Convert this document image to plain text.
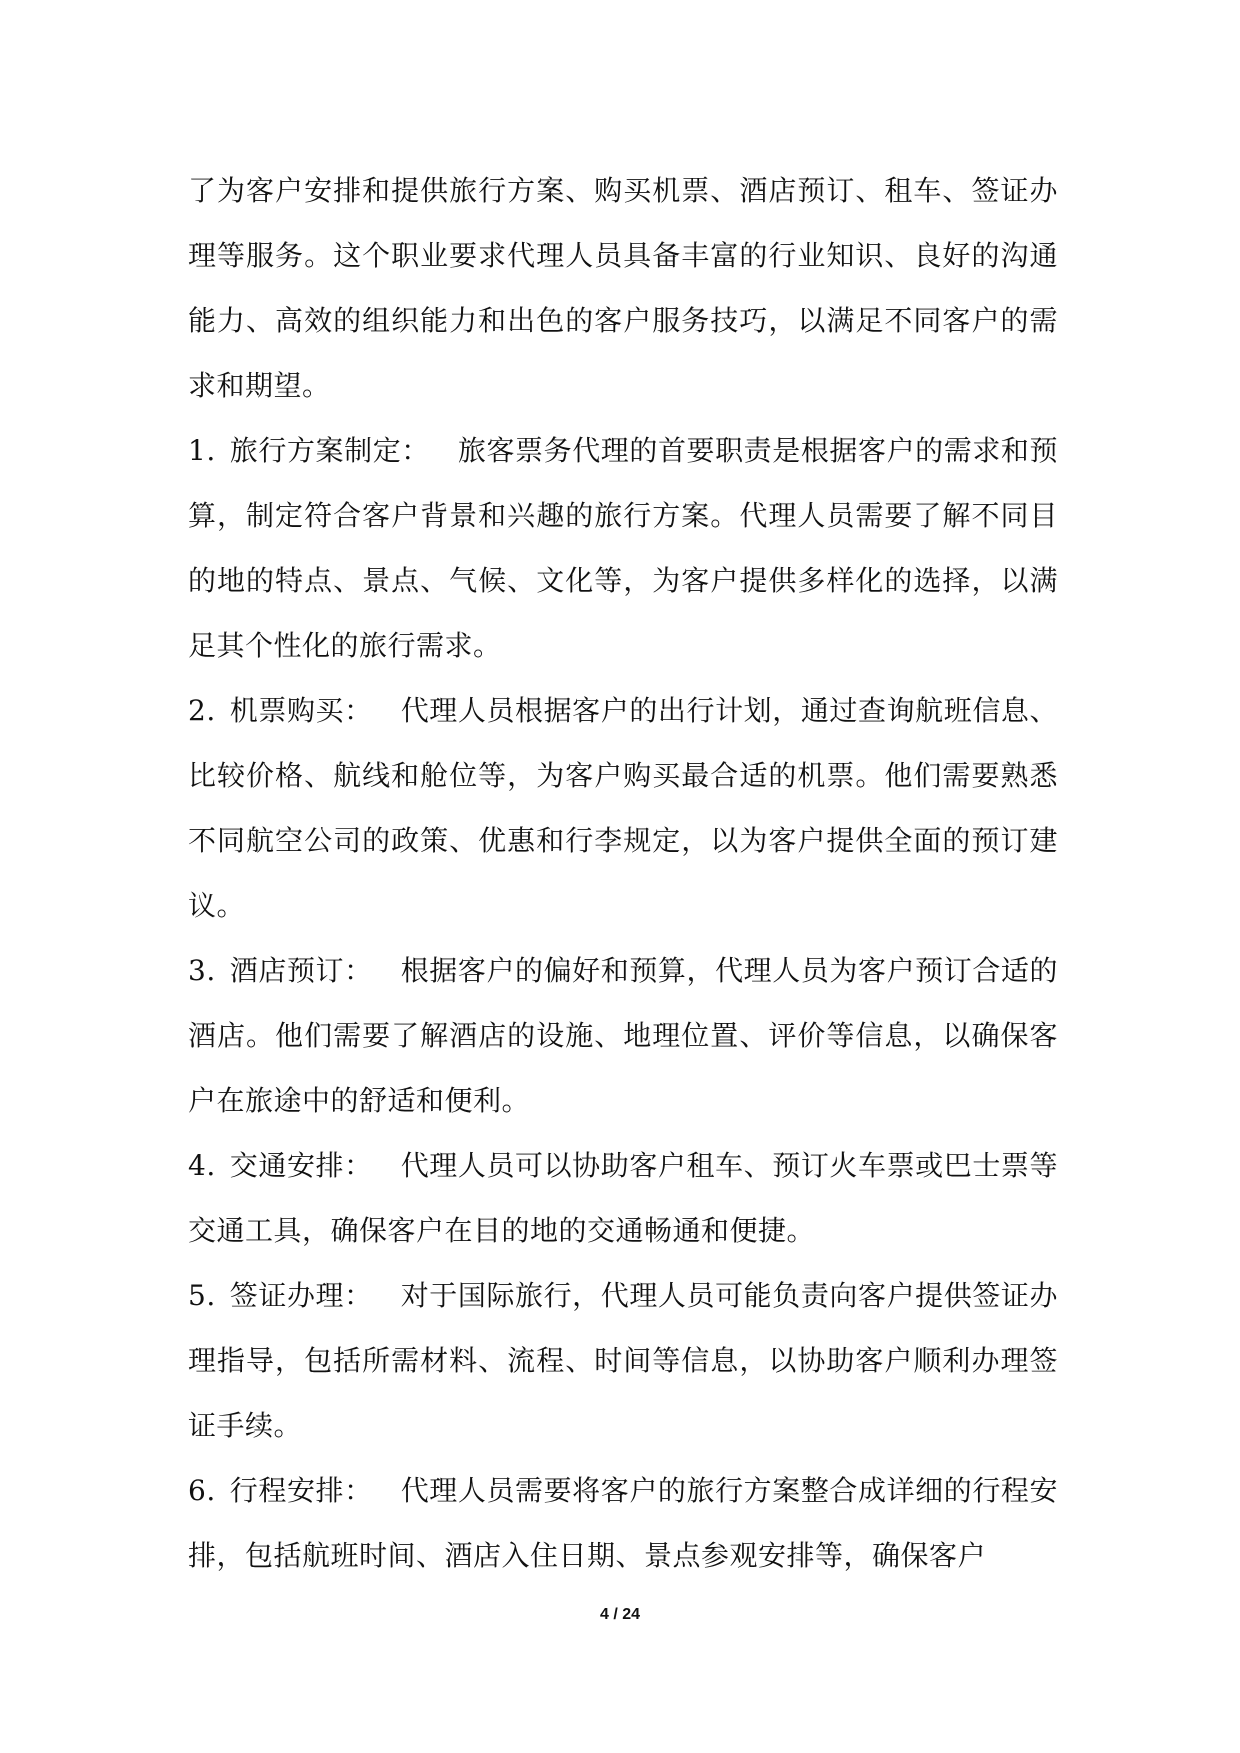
了为客户安排和提供旅行方案、购买机票、酒店预订、租车、签证办理等服务。这个职业要求代理人员具备丰富的行业知识、良好的沟通能力、高效的组织能力和出色的客户服务技巧，以满足不同客户的需求和期望。

1. 旅行方案制定： 旅客票务代理的首要职责是根据客户的需求和预算，制定符合客户背景和兴趣的旅行方案。代理人员需要了解不同目的地的特点、景点、气候、文化等，为客户提供多样化的选择，以满足其个性化的旅行需求。

2. 机票购买： 代理人员根据客户的出行计划，通过查询航班信息、比较价格、航线和舱位等，为客户购买最合适的机票。他们需要熟悉不同航空公司的政策、优惠和行李规定，以为客户提供全面的预订建议。

3. 酒店预订： 根据客户的偏好和预算，代理人员为客户预订合适的酒店。他们需要了解酒店的设施、地理位置、评价等信息，以确保客户在旅途中的舒适和便利。

4. 交通安排： 代理人员可以协助客户租车、预订火车票或巴士票等交通工具，确保客户在目的地的交通畅通和便捷。

5. 签证办理： 对于国际旅行，代理人员可能负责向客户提供签证办理指导，包括所需材料、流程、时间等信息，以协助客户顺利办理签证手续。

6. 行程安排： 代理人员需要将客户的旅行方案整合成详细的行程安排，包括航班时间、酒店入住日期、景点参观安排等，确保客户

4 / 24
